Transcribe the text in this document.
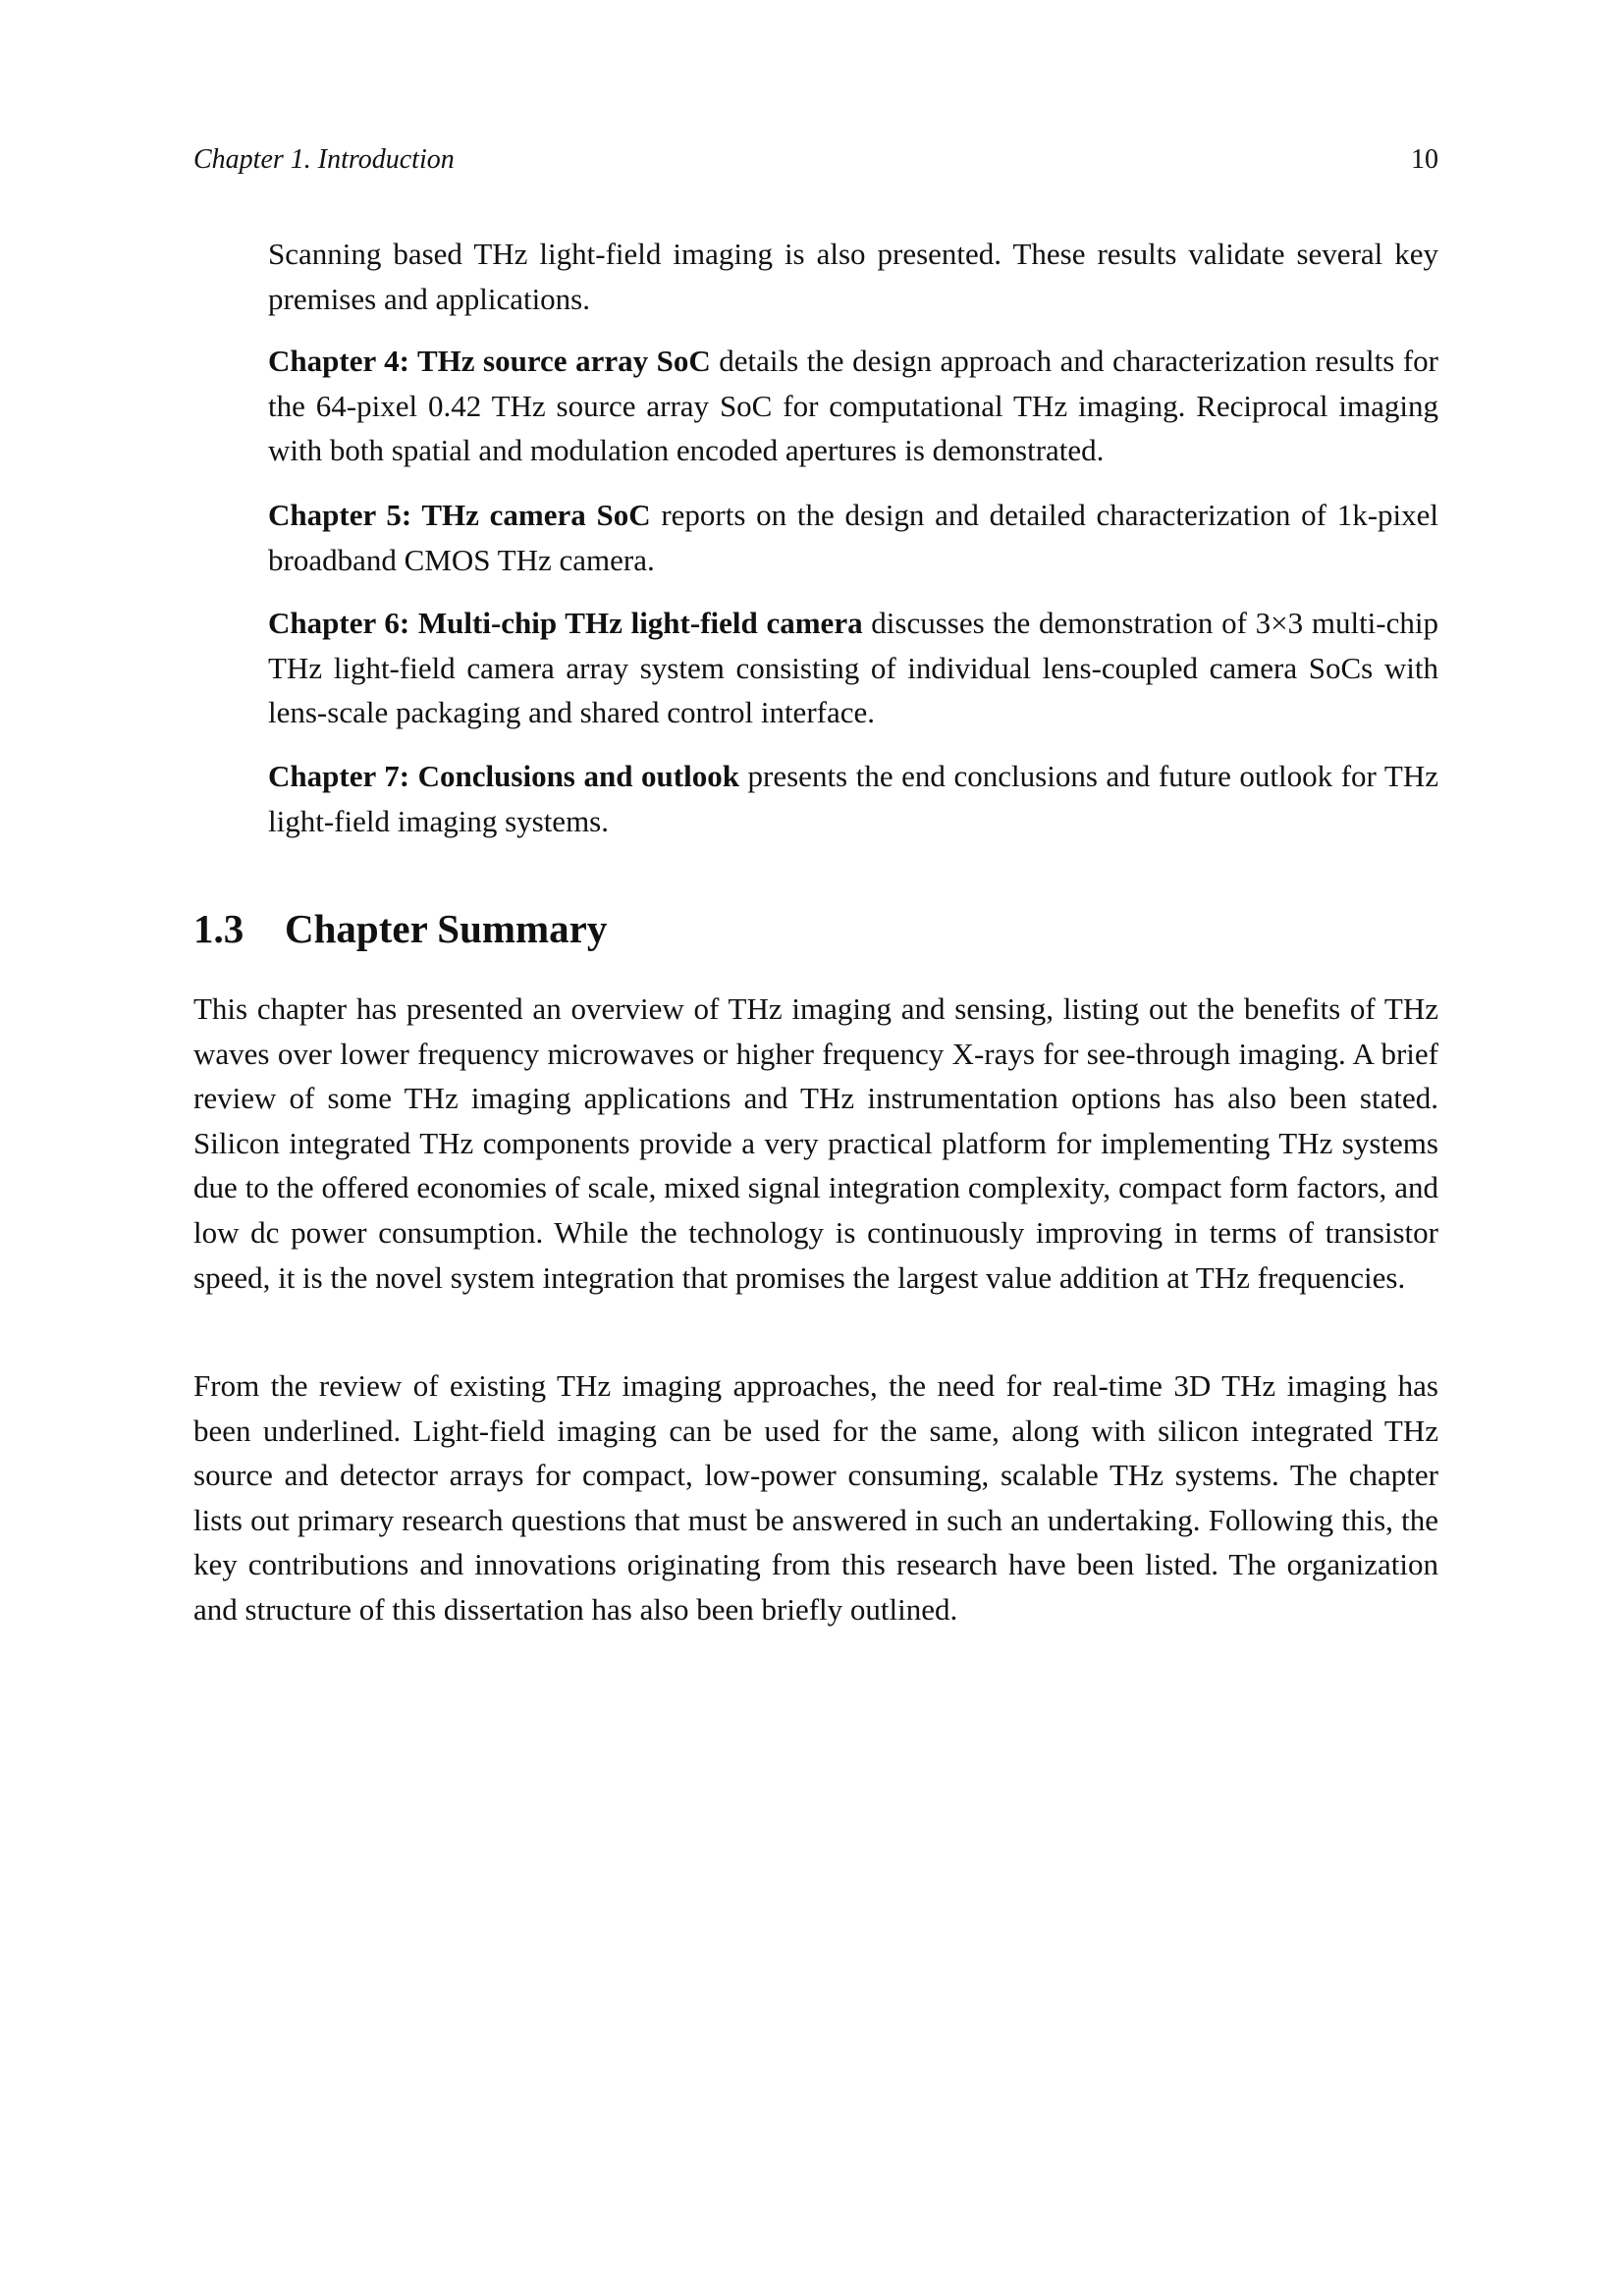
Chapter 1. Introduction	10

Scanning based THz light-field imaging is also presented. These results validate several key premises and applications.

Chapter 4: THz source array SoC details the design approach and characterization results for the 64-pixel 0.42 THz source array SoC for computational THz imaging. Reciprocal imaging with both spatial and modulation encoded apertures is demonstrated.

Chapter 5: THz camera SoC reports on the design and detailed characterization of 1k-pixel broadband CMOS THz camera.

Chapter 6: Multi-chip THz light-field camera discusses the demonstration of 3×3 multi-chip THz light-field camera array system consisting of individual lens-coupled camera SoCs with lens-scale packaging and shared control interface.

Chapter 7: Conclusions and outlook presents the end conclusions and future outlook for THz light-field imaging systems.

1.3 Chapter Summary

This chapter has presented an overview of THz imaging and sensing, listing out the benefits of THz waves over lower frequency microwaves or higher frequency X-rays for see-through imaging. A brief review of some THz imaging applications and THz instrumentation options has also been stated. Silicon integrated THz components provide a very practical platform for implementing THz systems due to the offered economies of scale, mixed signal integration complexity, compact form factors, and low dc power consumption. While the technology is continuously improving in terms of transistor speed, it is the novel system integration that promises the largest value addition at THz frequencies.

From the review of existing THz imaging approaches, the need for real-time 3D THz imaging has been underlined. Light-field imaging can be used for the same, along with silicon integrated THz source and detector arrays for compact, low-power consuming, scalable THz systems. The chapter lists out primary research questions that must be answered in such an undertaking. Following this, the key contributions and innovations originating from this research have been listed. The organization and structure of this dissertation has also been briefly outlined.
